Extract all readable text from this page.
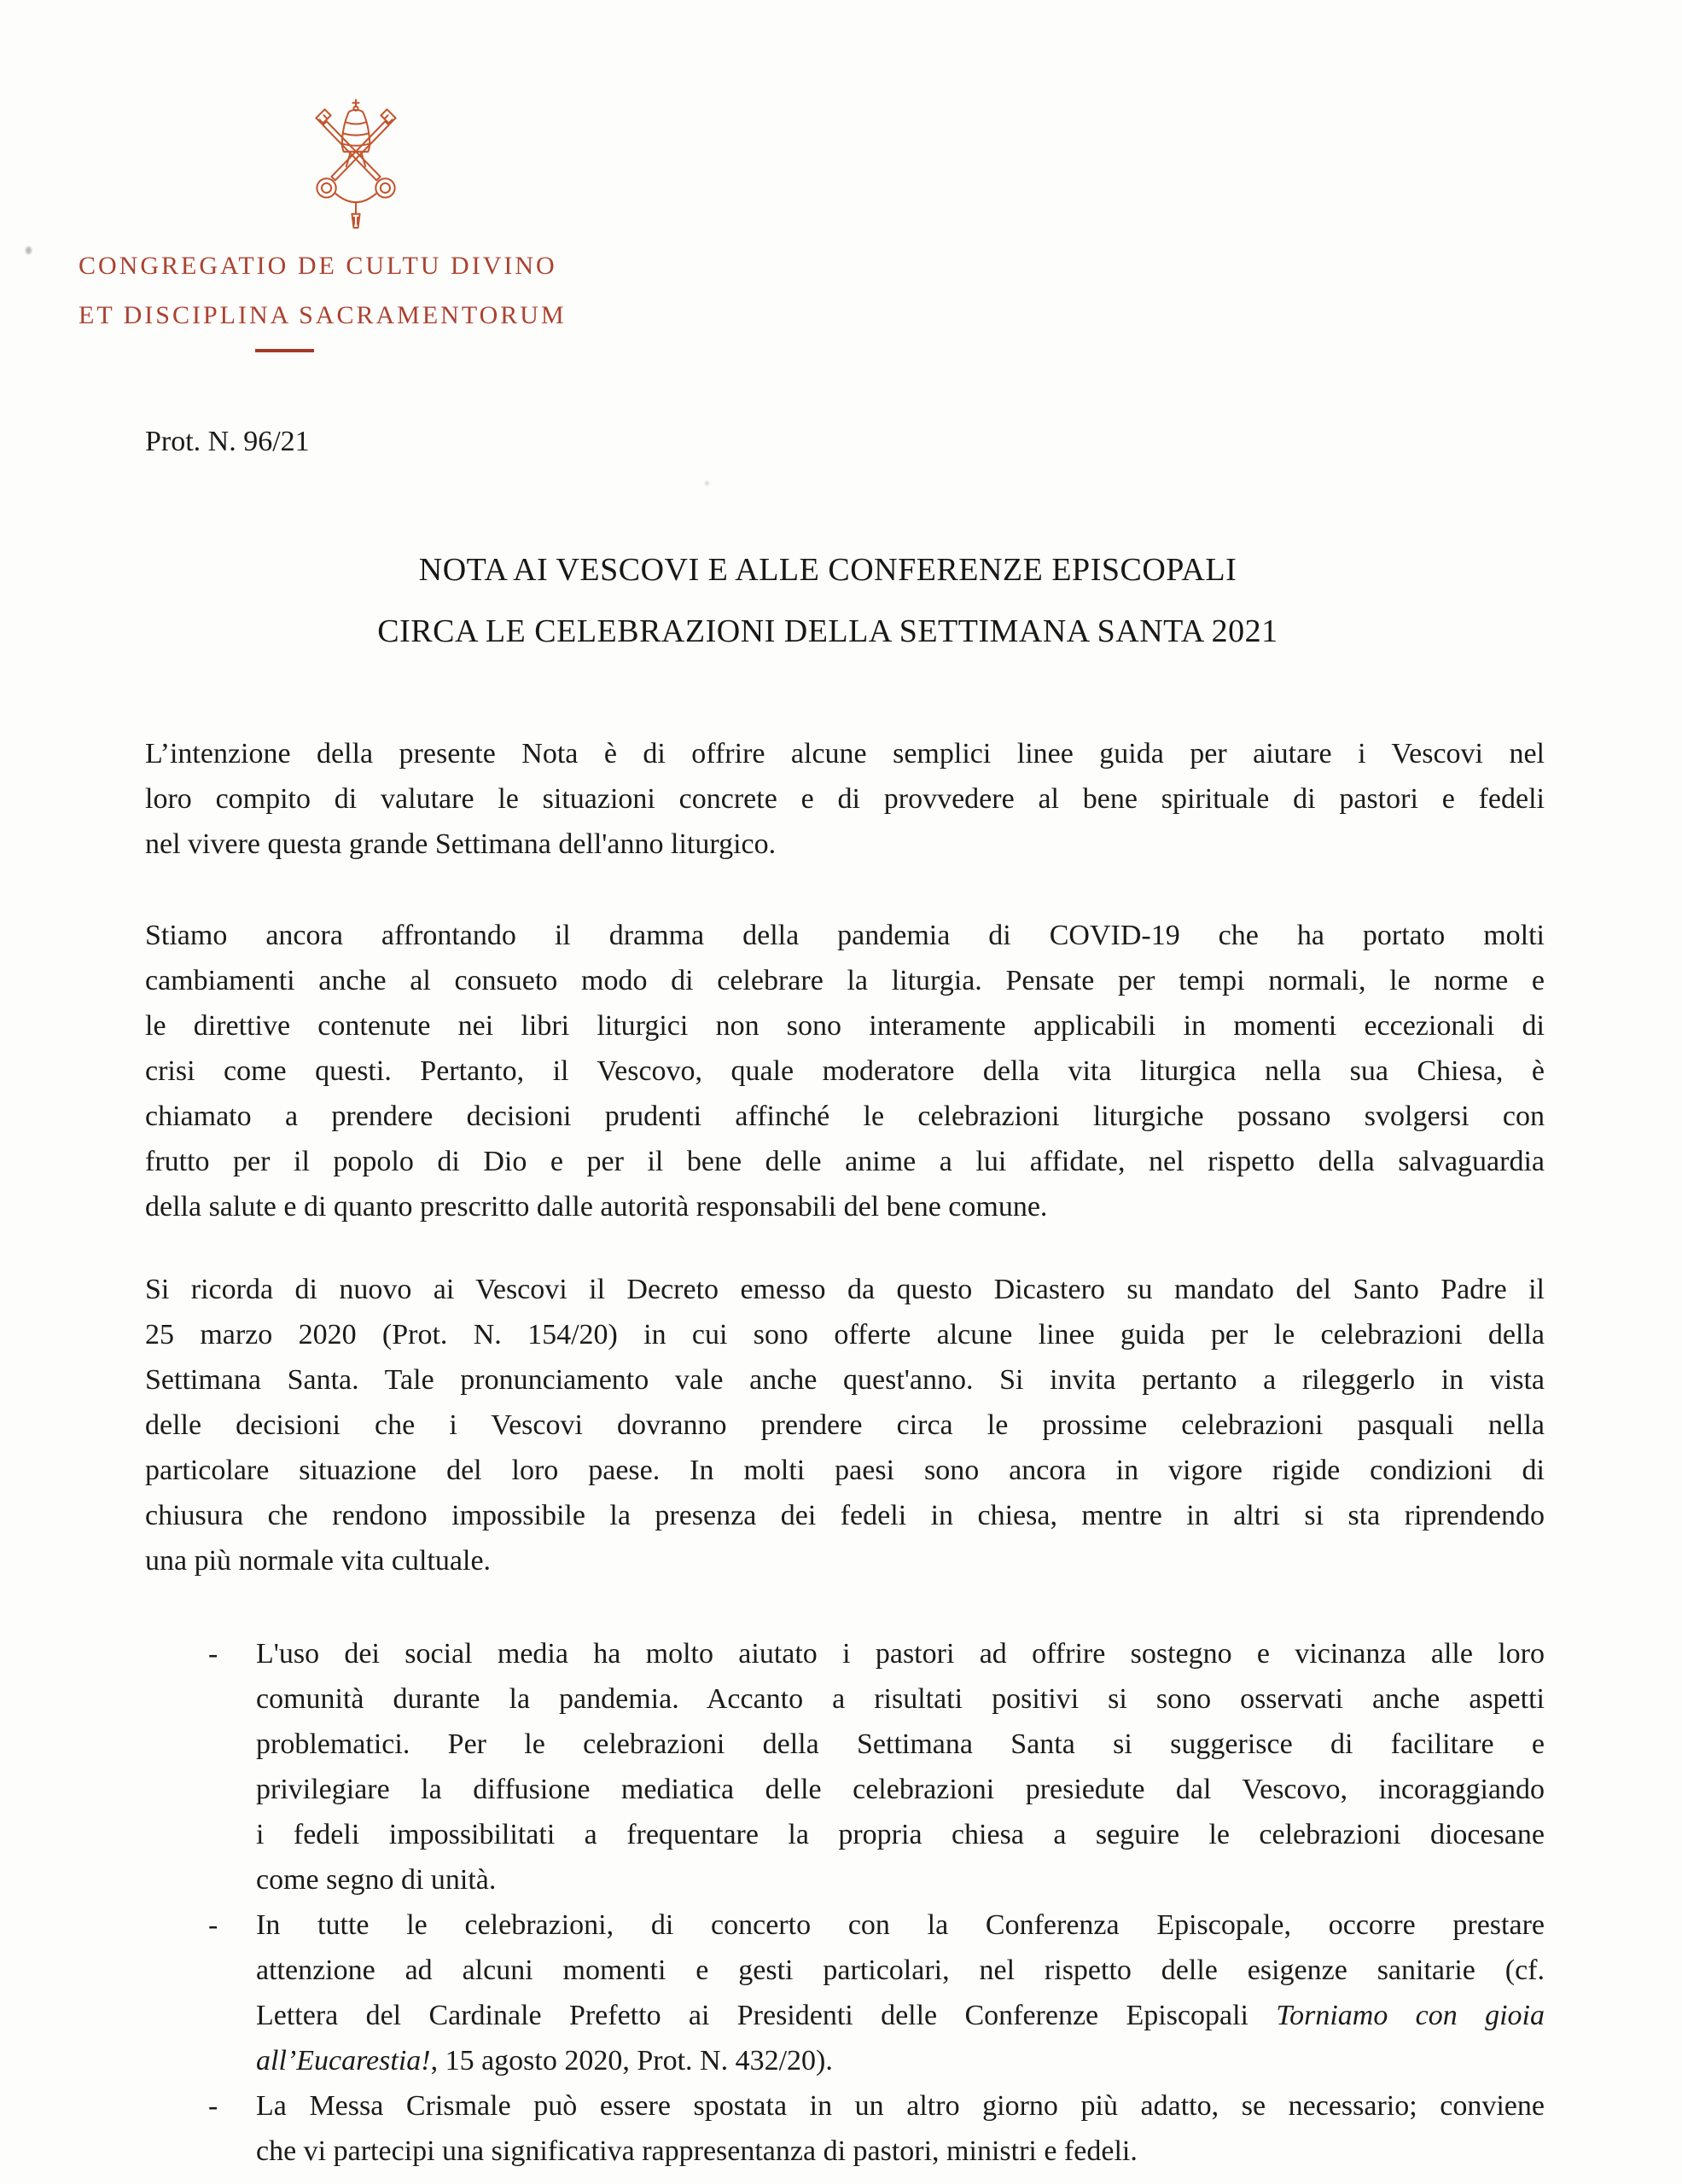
CONGREGATIO DE CULTU DIVINO
ET DISCIPLINA SACRAMENTORUM
Prot. N. 96/21
NOTA AI VESCOVI E ALLE CONFERENZE EPISCOPALI
CIRCA LE CELEBRAZIONI DELLA SETTIMANA SANTA 2021
L’intenzione della presente Nota è di offrire alcune semplici linee guida per aiutare i Vescovi nel
loro compito di valutare le situazioni concrete e di provvedere al bene spirituale di pastori e fedeli
nel vivere questa grande Settimana dell'anno liturgico.
Stiamo ancora affrontando il dramma della pandemia di COVID-19 che ha portato molti
cambiamenti anche al consueto modo di celebrare la liturgia. Pensate per tempi normali, le norme e
le direttive contenute nei libri liturgici non sono interamente applicabili in momenti eccezionali di
crisi come questi. Pertanto, il Vescovo, quale moderatore della vita liturgica nella sua Chiesa, è
chiamato a prendere decisioni prudenti affinché le celebrazioni liturgiche possano svolgersi con
frutto per il popolo di Dio e per il bene delle anime a lui affidate, nel rispetto della salvaguardia
della salute e di quanto prescritto dalle autorità responsabili del bene comune.
Si ricorda di nuovo ai Vescovi il Decreto emesso da questo Dicastero su mandato del Santo Padre il
25 marzo 2020 (Prot. N. 154/20) in cui sono offerte alcune linee guida per le celebrazioni della
Settimana Santa. Tale pronunciamento vale anche quest'anno. Si invita pertanto a rileggerlo in vista
delle decisioni che i Vescovi dovranno prendere circa le prossime celebrazioni pasquali nella
particolare situazione del loro paese. In molti paesi sono ancora in vigore rigide condizioni di
chiusura che rendono impossibile la presenza dei fedeli in chiesa, mentre in altri si sta riprendendo
una più normale vita cultuale.
- L'uso dei social media ha molto aiutato i pastori ad offrire sostegno e vicinanza alle loro
comunità durante la pandemia. Accanto a risultati positivi si sono osservati anche aspetti
problematici. Per le celebrazioni della Settimana Santa si suggerisce di facilitare e
privilegiare la diffusione mediatica delle celebrazioni presiedute dal Vescovo, incoraggiando
i fedeli impossibilitati a frequentare la propria chiesa a seguire le celebrazioni diocesane
come segno di unità.
- In tutte le celebrazioni, di concerto con la Conferenza Episcopale, occorre prestare
attenzione ad alcuni momenti e gesti particolari, nel rispetto delle esigenze sanitarie (cf.
Lettera del Cardinale Prefetto ai Presidenti delle Conferenze Episcopali Torniamo con gioia
all’Eucarestia!, 15 agosto 2020, Prot. N. 432/20).
- La Messa Crismale può essere spostata in un altro giorno più adatto, se necessario; conviene
che vi partecipi una significativa rappresentanza di pastori, ministri e fedeli.
